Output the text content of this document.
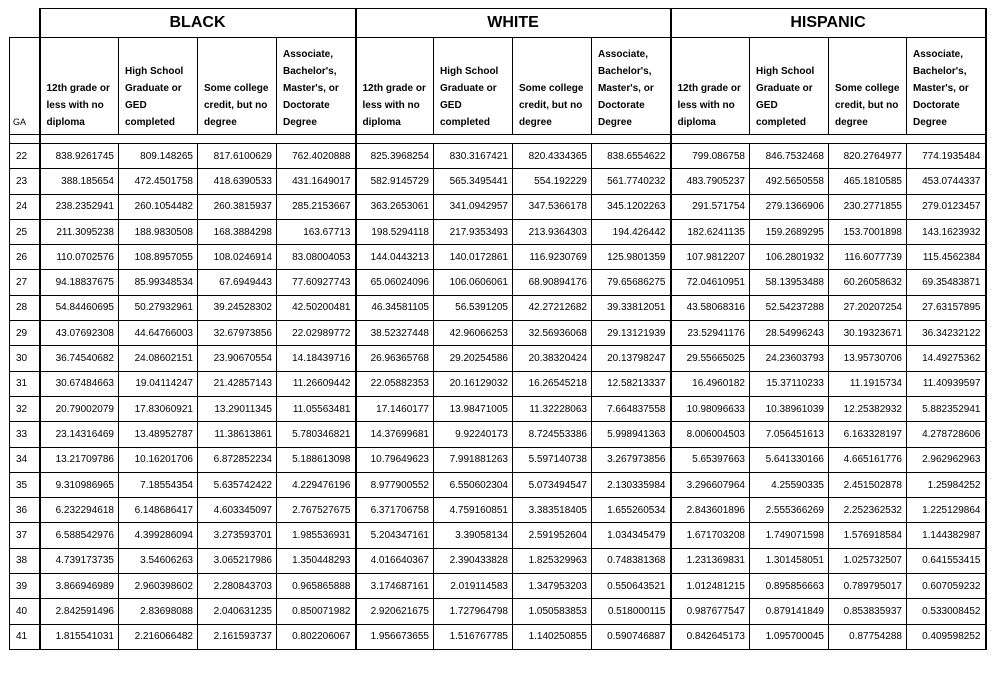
	BLACK				WHITE				HISPANIC			
GA	12th grade or less with no diploma	High School Graduate or GED completed	Some college credit, but no degree	Associate, Bachelor's, Master's, or Doctorate Degree	12th grade or less with no diploma	High School Graduate or GED completed	Some college credit, but no degree	Associate, Bachelor's, Master's, or Doctorate Degree	12th grade or less with no diploma	High School Graduate or GED completed	Some college credit, but no degree	Associate, Bachelor's, Master's, or Doctorate Degree

22	838.9261745	809.148265	817.6100629	762.4020888	825.3968254	830.3167421	820.4334365	838.6554622	799.086758	846.7532468	820.2764977	774.1935484
23	388.185654	472.4501758	418.6390533	431.1649017	582.9145729	565.3495441	554.192229	561.7740232	483.7905237	492.5650558	465.1810585	453.0744337
24	238.2352941	260.1054482	260.3815937	285.2153667	363.2653061	341.0942957	347.5366178	345.1202263	291.571754	279.1366906	230.2771855	279.0123457
25	211.3095238	188.9830508	168.3884298	163.67713	198.5294118	217.9353493	213.9364303	194.426442	182.6241135	159.2689295	153.7001898	143.1623932
26	110.0702576	108.8957055	108.0246914	83.08004053	144.0443213	140.0172861	116.9230769	125.9801359	107.9812207	106.2801932	116.6077739	115.4562384
27	94.18837675	85.99348534	67.6949443	77.60927743	65.06024096	106.0606061	68.90894176	79.65686275	72.04610951	58.13953488	60.26058632	69.35483871
28	54.84460695	50.27932961	39.24528302	42.50200481	46.34581105	56.5391205	42.27212682	39.33812051	43.58068316	52.54237288	27.20207254	27.63157895
29	43.07692308	44.64766003	32.67973856	22.02989772	38.52327448	42.96066253	32.56936068	29.13121939	23.52941176	28.54996243	30.19323671	36.34232122
30	36.74540682	24.08602151	23.90670554	14.18439716	26.96365768	29.20254586	20.38320424	20.13798247	29.55665025	24.23603793	13.95730706	14.49275362
31	30.67484663	19.04114247	21.42857143	11.26609442	22.05882353	20.16129032	16.26545218	12.58213337	16.4960182	15.37110233	11.1915734	11.40939597
32	20.79002079	17.83060921	13.29011345	11.05563481	17.1460177	13.98471005	11.32228063	7.664837558	10.98096633	10.38961039	12.25382932	5.882352941
33	23.14316469	13.48952787	11.38613861	5.780346821	14.37699681	9.92240173	8.724553386	5.998941363	8.006004503	7.056451613	6.163328197	4.278728606
34	13.21709786	10.16201706	6.872852234	5.188613098	10.79649623	7.991881263	5.597140738	3.267973856	5.65397663	5.641330166	4.665161776	2.962962963
35	9.310986965	7.18554354	5.635742422	4.229476196	8.977900552	6.550602304	5.073494547	2.130335984	3.296607964	4.25590335	2.451502878	1.25984252
36	6.232294618	6.148686417	4.603345097	2.767527675	6.371706758	4.759160851	3.383518405	1.655260534	2.843601896	2.555366269	2.252362532	1.225129864
37	6.588542976	4.399286094	3.273593701	1.985536931	5.204347161	3.39058134	2.591952604	1.034345479	1.671703208	1.749071598	1.576918584	1.144382987
38	4.739173735	3.54606263	3.065217986	1.350448293	4.016640367	2.390433828	1.825329963	0.748381368	1.231369831	1.301458051	1.025732507	0.641553415
39	3.866946989	2.960398602	2.280843703	0.965865888	3.174687161	2.019114583	1.347953203	0.550643521	1.012481215	0.895856663	0.789795017	0.607059232
40	2.842591496	2.83698088	2.040631235	0.850071982	2.920621675	1.727964798	1.050583853	0.518000115	0.987677547	0.879141849	0.853835937	0.533008452
41	1.815541031	2.216066482	2.161593737	0.802206067	1.956673655	1.516767785	1.140250855	0.590746887	0.842645173	1.095700045	0.87754288	0.409598252
